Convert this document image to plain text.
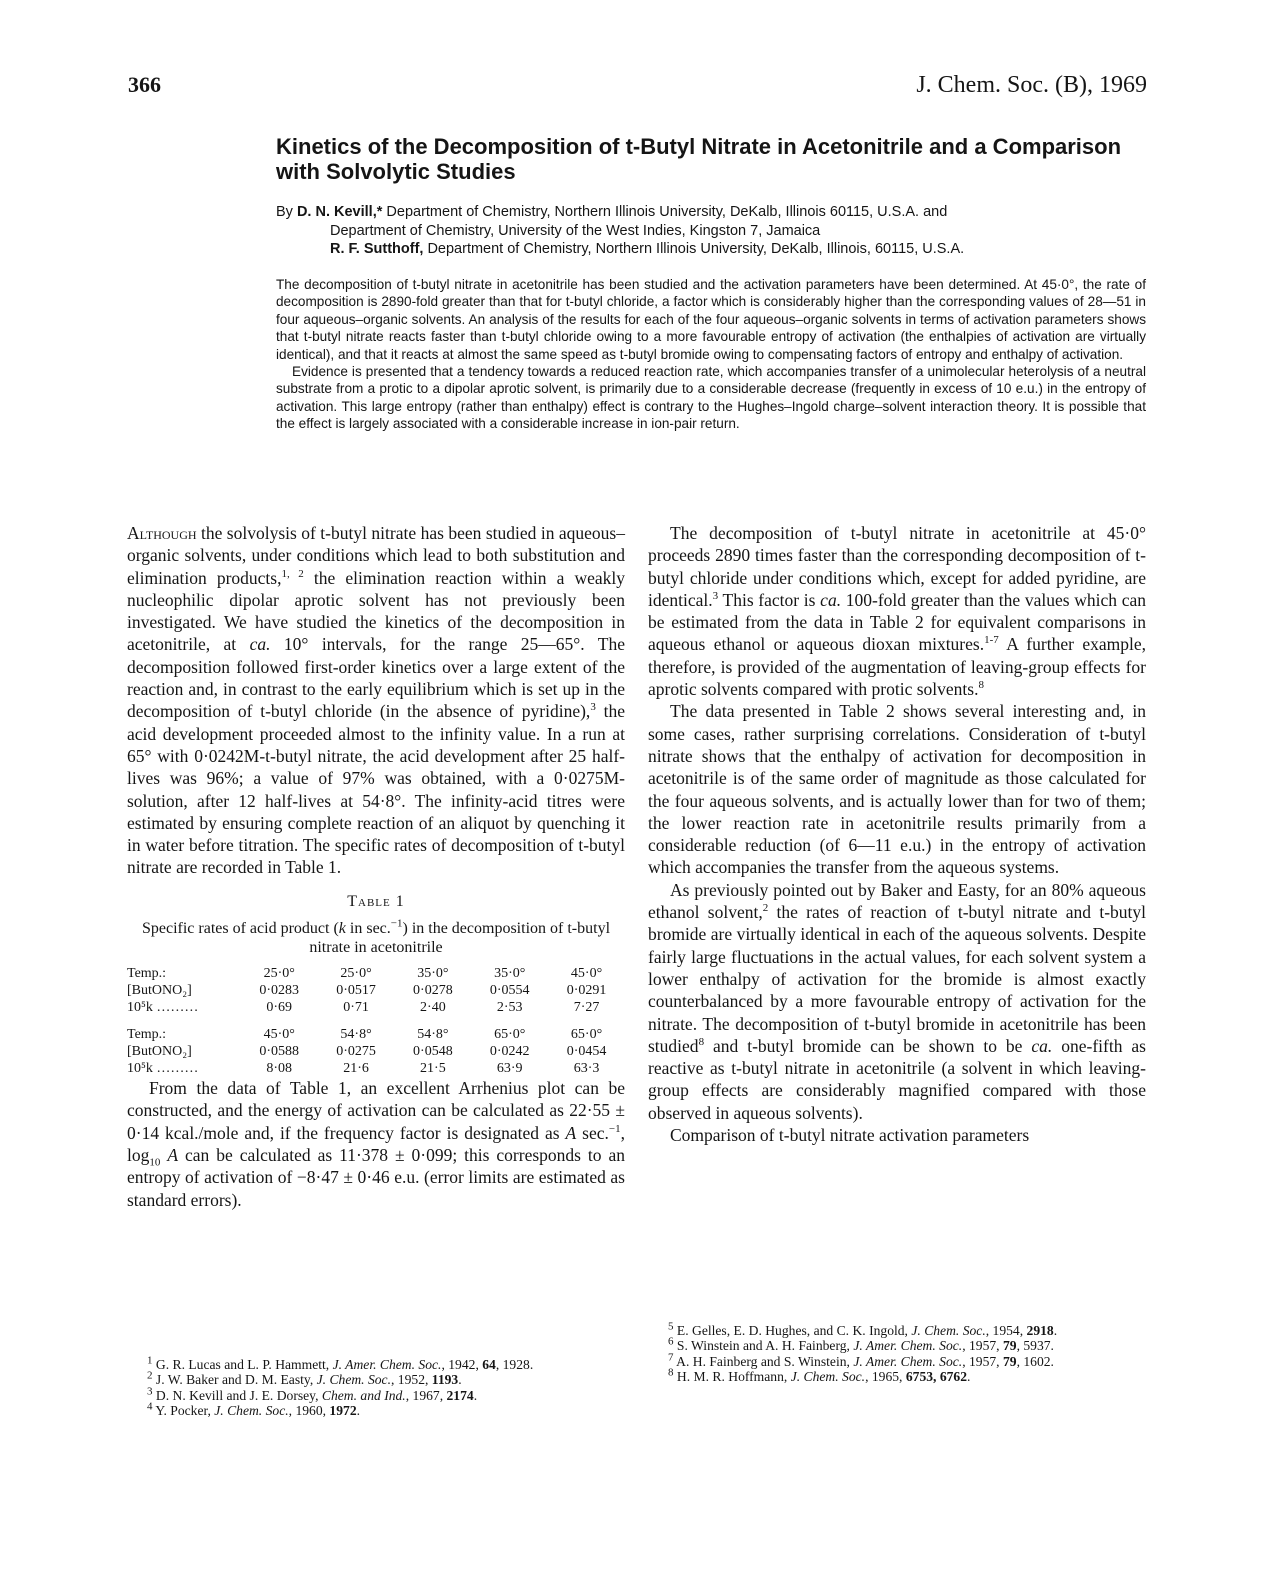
366	J. Chem. Soc. (B), 1969
Kinetics of the Decomposition of t-Butyl Nitrate in Acetonitrile and a Comparison with Solvolytic Studies
By D. N. Kevill,* Department of Chemistry, Northern Illinois University, DeKalb, Illinois 60115, U.S.A. and
Department of Chemistry, University of the West Indies, Kingston 7, Jamaica
R. F. Sutthoff, Department of Chemistry, Northern Illinois University, DeKalb, Illinois, 60115, U.S.A.

The decomposition of t-butyl nitrate in acetonitrile has been studied and the activation parameters have been determined. At 45·0°, the rate of decomposition is 2890-fold greater than that for t-butyl chloride, a factor which is considerably higher than the corresponding values of 28—51 in four aqueous–organic solvents. An analysis of the results for each of the four aqueous–organic solvents in terms of activation parameters shows that t-butyl nitrate reacts faster than t-butyl chloride owing to a more favourable entropy of activation (the enthalpies of activation are virtually identical), and that it reacts at almost the same speed as t-butyl bromide owing to compensating factors of entropy and enthalpy of activation.

Evidence is presented that a tendency towards a reduced reaction rate, which accompanies transfer of a unimolecular heterolysis of a neutral substrate from a protic to a dipolar aprotic solvent, is primarily due to a considerable decrease (frequently in excess of 10 e.u.) in the entropy of activation. This large entropy (rather than enthalpy) effect is contrary to the Hughes–Ingold charge–solvent interaction theory. It is possible that the effect is largely associated with a considerable increase in ion-pair return.

Although the solvolysis of t-butyl nitrate has been studied in aqueous–organic solvents, under conditions which lead to both substitution and elimination products,$^{1, 2}$ the elimination reaction within a weakly nucleophilic dipolar aprotic solvent has not previously been investigated. We have studied the kinetics of the decomposition in acetonitrile, at ca. 10° intervals, for the range 25—65°. The decomposition followed first-order kinetics over a large extent of the reaction and, in contrast to the early equilibrium which is set up in the decomposition of t-butyl chloride (in the absence of pyridine),$^3$ the acid development proceeded almost to the infinity value. In a run at 65° with 0·0242M-t-butyl nitrate, the acid development after 25 half-lives was 96%; a value of 97% was obtained, with a 0·0275M-solution, after 12 half-lives at 54·8°. The infinity-acid titres were estimated by ensuring complete reaction of an aliquot by quenching it in water before titration. The specific rates of decomposition of t-butyl nitrate are recorded in Table 1.

Table 1
Specific rates of acid product (k in sec.$^{-1}$) in the decomposition of t-butyl nitrate in acetonitrile
Temp.:	25·0°	25·0°	35·0°	35·0°	45·0°
[ButONO₂]	0·0283	0·0517	0·0278	0·0554	0·0291
10⁵k ………	0·69	0·71	2·40	2·53	7·27
Temp.:	45·0°	54·8°	54·8°	65·0°	65·0°
[ButONO₂]	0·0588	0·0275	0·0548	0·0242	0·0454
10⁵k ………	8·08	21·6	21·5	63·9	63·3

From the data of Table 1, an excellent Arrhenius plot can be constructed, and the energy of activation can be calculated as 22·55 ± 0·14 kcal./mole and, if the frequency factor is designated as A sec.$^{-1}$, $\log_{10} A$ can be calculated as 11·378 ± 0·099; this corresponds to an entropy of activation of −8·47 ± 0·46 e.u. (error limits are estimated as standard errors).

The decomposition of t-butyl nitrate in acetonitrile at 45·0° proceeds 2890 times faster than the corresponding decomposition of t-butyl chloride under conditions which, except for added pyridine, are identical.$^3$ This factor is ca. 100-fold greater than the values which can be estimated from the data in Table 2 for equivalent comparisons in aqueous ethanol or aqueous dioxan mixtures.$^{1-7}$ A further example, therefore, is provided of the augmentation of leaving-group effects for aprotic solvents compared with protic solvents.$^8$

The data presented in Table 2 shows several interesting and, in some cases, rather surprising correlations. Consideration of t-butyl nitrate shows that the enthalpy of activation for decomposition in acetonitrile is of the same order of magnitude as those calculated for the four aqueous solvents, and is actually lower than for two of them; the lower reaction rate in acetonitrile results primarily from a considerable reduction (of 6—11 e.u.) in the entropy of activation which accompanies the transfer from the aqueous systems.

As previously pointed out by Baker and Easty, for an 80% aqueous ethanol solvent,$^2$ the rates of reaction of t-butyl nitrate and t-butyl bromide are virtually identical in each of the aqueous solvents. Despite fairly large fluctuations in the actual values, for each solvent system a lower enthalpy of activation for the bromide is almost exactly counterbalanced by a more favourable entropy of activation for the nitrate. The decomposition of t-butyl bromide in acetonitrile has been studied$^8$ and t-butyl bromide can be shown to be ca. one-fifth as reactive as t-butyl nitrate in acetonitrile (a solvent in which leaving-group effects are considerably magnified compared with those observed in aqueous solvents).

Comparison of t-butyl nitrate activation parameters

$^1$ G. R. Lucas and L. P. Hammett, J. Amer. Chem. Soc., 1942, 64, 1928.

$^2$ J. W. Baker and D. M. Easty, J. Chem. Soc., 1952, 1193.

$^3$ D. N. Kevill and J. E. Dorsey, Chem. and Ind., 1967, 2174.

$^4$ Y. Pocker, J. Chem. Soc., 1960, 1972.

$^5$ E. Gelles, E. D. Hughes, and C. K. Ingold, J. Chem. Soc., 1954, 2918.

$^6$ S. Winstein and A. H. Fainberg, J. Amer. Chem. Soc., 1957, 79, 5937.

$^7$ A. H. Fainberg and S. Winstein, J. Amer. Chem. Soc., 1957, 79, 1602.

$^8$ H. M. R. Hoffmann, J. Chem. Soc., 1965, 6753, 6762.
